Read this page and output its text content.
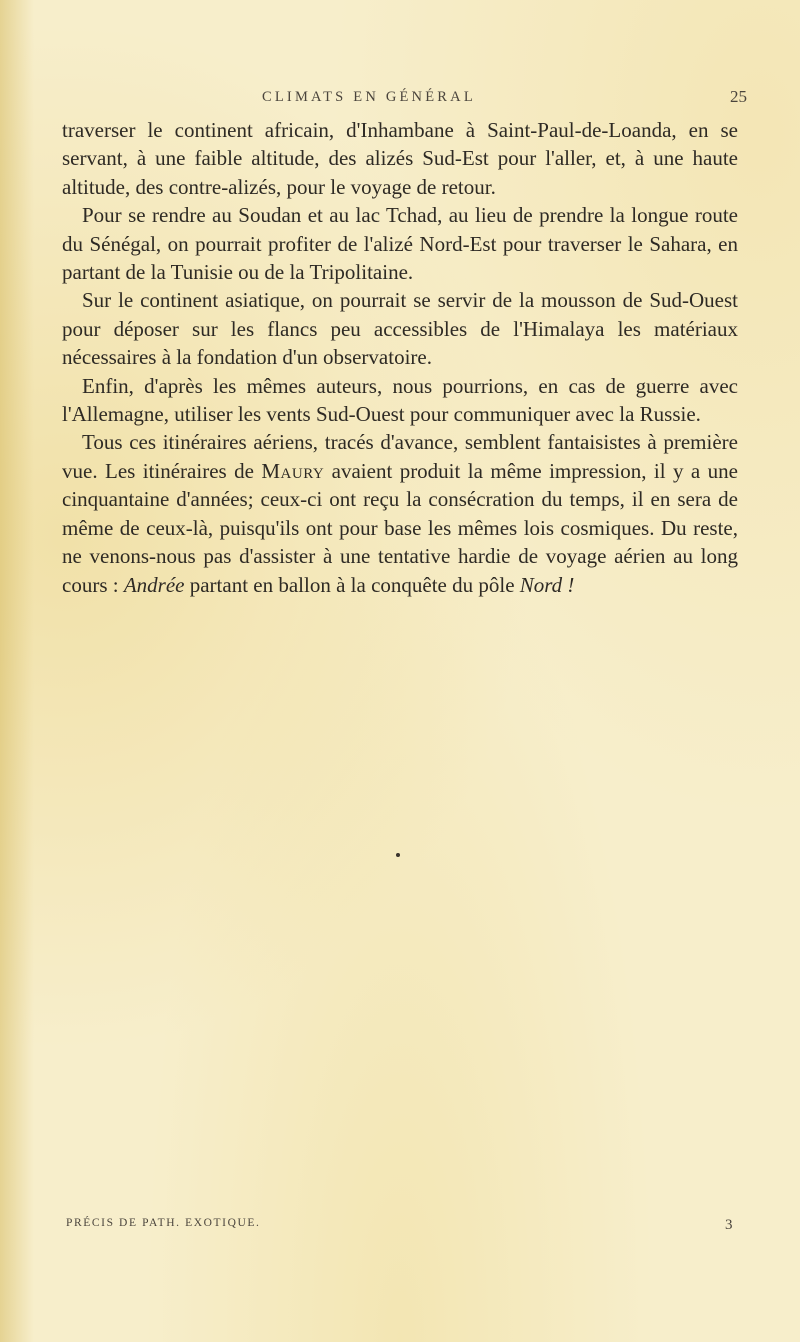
CLIMATS EN GÉNÉRAL	25

traverser le continent africain, d'Inhambane à Saint-Paul-de-Loanda, en se servant, à une faible altitude, des alizés Sud-Est pour l'aller, et, à une haute altitude, des contre-alizés, pour le voyage de retour.

Pour se rendre au Soudan et au lac Tchad, au lieu de prendre la longue route du Sénégal, on pourrait profiter de l'alizé Nord-Est pour traverser le Sahara, en partant de la Tunisie ou de la Tripolitaine.

Sur le continent asiatique, on pourrait se servir de la mousson de Sud-Ouest pour déposer sur les flancs peu accessibles de l'Himalaya les matériaux nécessaires à la fondation d'un observatoire.

Enfin, d'après les mêmes auteurs, nous pourrions, en cas de guerre avec l'Allemagne, utiliser les vents Sud-Ouest pour communiquer avec la Russie.

Tous ces itinéraires aériens, tracés d'avance, semblent fantaisistes à première vue. Les itinéraires de Maury avaient produit la même impression, il y a une cinquantaine d'années; ceux-ci ont reçu la consécration du temps, il en sera de même de ceux-là, puisqu'ils ont pour base les mêmes lois cosmiques. Du reste, ne venons-nous pas d'assister à une tentative hardie de voyage aérien au long cours : Andrée partant en ballon à la conquête du pôle Nord !

PRÉCIS DE PATH. EXOTIQUE.	3
